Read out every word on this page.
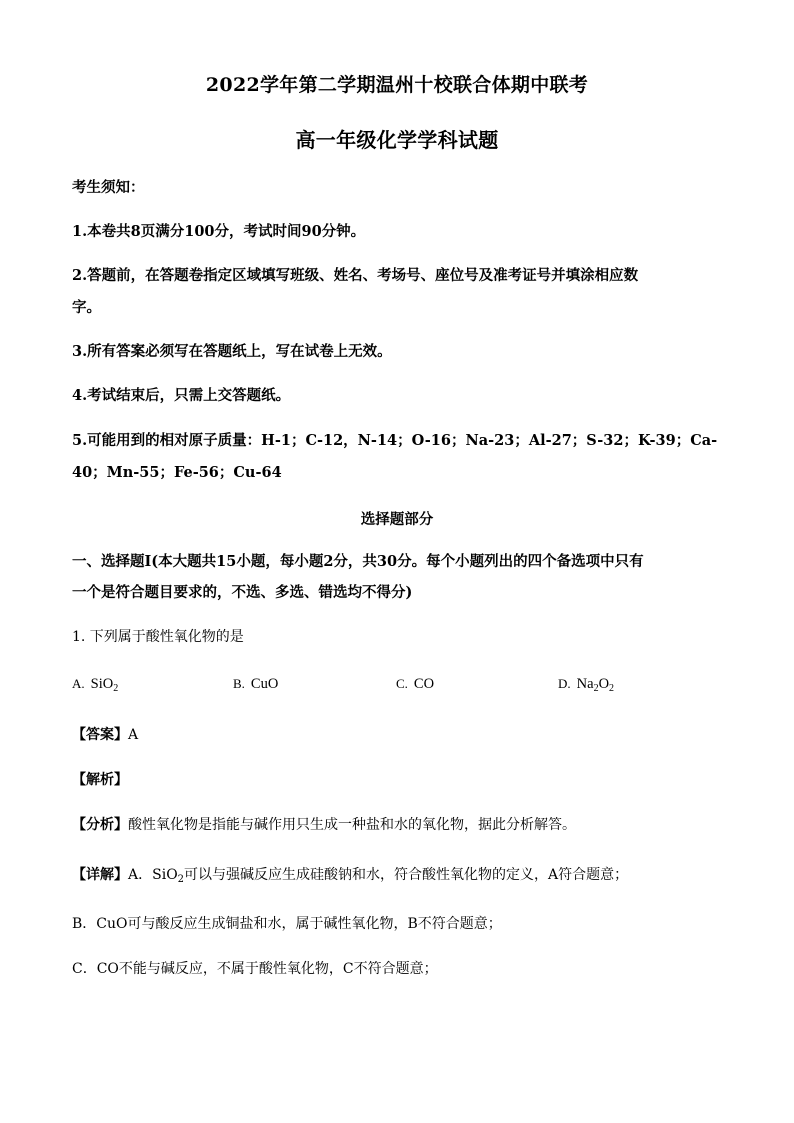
2022学年第二学期温州十校联合体期中联考
高一年级化学学科试题
考生须知：
1.本卷共8页满分100分，考试时间90分钟。
2.答题前，在答题卷指定区域填写班级、姓名、考场号、座位号及准考证号并填涂相应数
字。
3.所有答案必须写在答题纸上，写在试卷上无效。
4.考试结束后，只需上交答题纸。
5.可能用到的相对原子质量：H-1；C-12，N-14；O-16；Na-23；Al-27；S-32；K-39；Ca-
40；Mn-55；Fe-56；Cu-64
选择题部分
一、选择题I(本大题共15小题，每小题2分，共30分。每个小题列出的四个备选项中只有
一个是符合题目要求的，不选、多选、错选均不得分)
1. 下列属于酸性氧化物的是
A. SiO$_2$	B. CuO	C. CO	D. $Na_2O_2$
【答案】A
【解析】
【分析】酸性氧化物是指能与碱作用只生成一种盐和水的氧化物，据此分析解答。
【详解】A．SiO$_2$可以与强碱反应生成硅酸钠和水，符合酸性氧化物的定义，A符合题意；
B．CuO可与酸反应生成铜盐和水，属于碱性氧化物，B不符合题意；
C．CO不能与碱反应，不属于酸性氧化物，C不符合题意；
